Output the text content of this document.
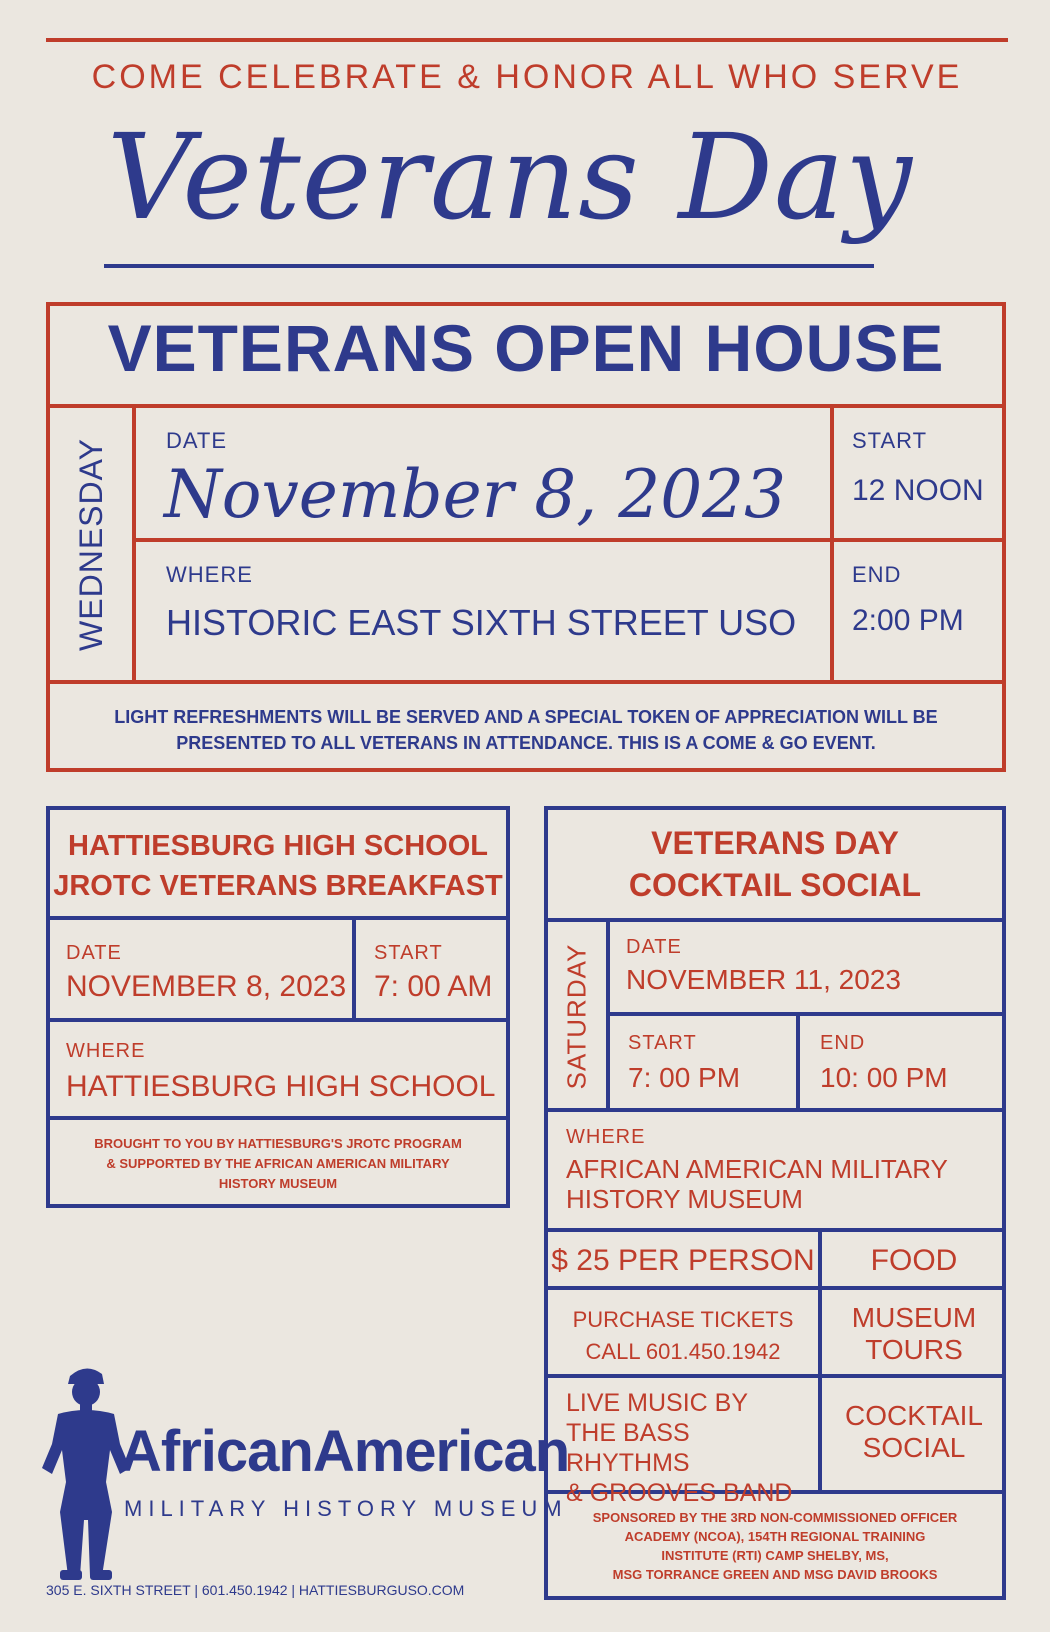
COME CELEBRATE & HONOR ALL WHO SERVE
Veterans Day
VETERANS OPEN HOUSE
WEDNESDAY	DATE
November 8, 2023
START
12 NOON
WHERE
HISTORIC EAST SIXTH STREET USO
END
2:00 PM
LIGHT REFRESHMENTS WILL BE SERVED AND A SPECIAL TOKEN OF APPRECIATION WILL BE
PRESENTED TO ALL VETERANS IN ATTENDANCE. THIS IS A COME & GO EVENT.
HATTIESBURG HIGH SCHOOL
JROTC VETERANS BREAKFAST
DATE
NOVEMBER 8, 2023
START
7: 00 AM
WHERE
HATTIESBURG HIGH SCHOOL
BROUGHT TO YOU BY HATTIESBURG'S JROTC PROGRAM
& SUPPORTED BY THE AFRICAN AMERICAN MILITARY
HISTORY MUSEUM
VETERANS DAY
COCKTAIL SOCIAL
SATURDAY DATE
NOVEMBER 11, 2023
START
7: 00 PM
END
10: 00 PM
WHERE
AFRICAN AMERICAN MILITARY
HISTORY MUSEUM
$ 25 PER PERSON	FOOD
PURCHASE TICKETS
CALL 601.450.1942
MUSEUM
TOURS
LIVE MUSIC BY
THE BASS RHYTHMS
& GROOVES BAND
COCKTAIL
SOCIAL
SPONSORED BY THE 3RD NON-COMMISSIONED OFFICER
ACADEMY (NCOA), 154TH REGIONAL TRAINING
INSTITUTE (RTI) CAMP SHELBY, MS,
MSG TORRANCE GREEN AND MSG DAVID BROOKS
AfricanAmerican
MILITARY HISTORY MUSEUM
305 E. SIXTH STREET | 601.450.1942 | HATTIESBURGUSO.COM
